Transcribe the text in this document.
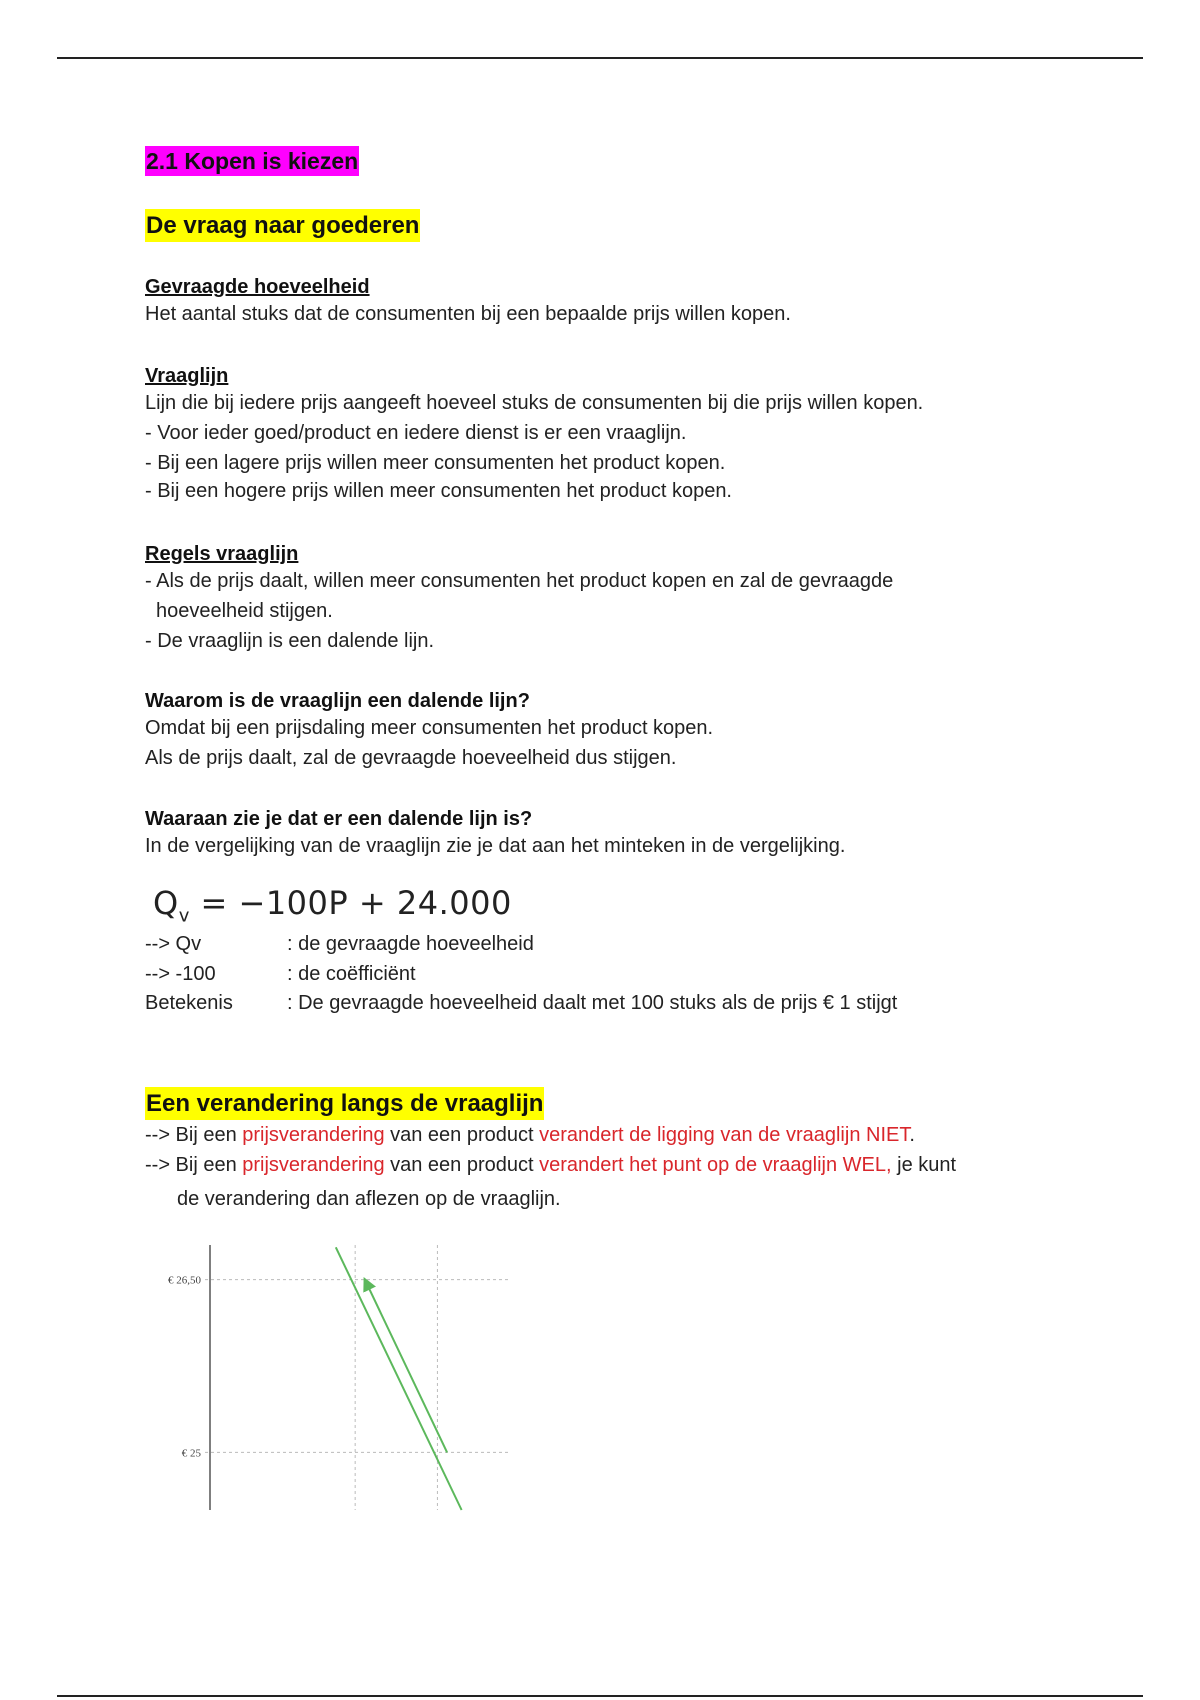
2.1 Kopen is kiezen
De vraag naar goederen
Gevraagde hoeveelheid
Het aantal stuks dat de consumenten bij een bepaalde prijs willen kopen.
Vraaglijn
Lijn die bij iedere prijs aangeeft hoeveel stuks de consumenten bij die prijs willen kopen.
- Voor ieder goed/product en iedere dienst is er een vraaglijn.
- Bij een lagere prijs willen meer consumenten het product kopen.
- Bij een hogere prijs willen meer consumenten het product kopen.
Regels vraaglijn
- Als de prijs daalt, willen meer consumenten het product kopen en zal de gevraagde
hoeveelheid stijgen.
- De vraaglijn is een dalende lijn.
Waarom is de vraaglijn een dalende lijn?
Omdat bij een prijsdaling meer consumenten het product kopen.
Als de prijs daalt, zal de gevraagde hoeveelheid dus stijgen.
Waaraan zie je dat er een dalende lijn is?
In de vergelijking van de vraaglijn zie je dat aan het minteken in de vergelijking.
$Q_v = -100P + 24.000$
--> Qv	: de gevraagde hoeveelheid
--> -100	: de coëfficiënt
Betekenis	: De gevraagde hoeveelheid daalt met 100 stuks als de prijs € 1 stijgt
Een verandering langs de vraaglijn
--> Bij een prijsverandering van een product verandert de ligging van de vraaglijn NIET.
--> Bij een prijsverandering van een product verandert het punt op de vraaglijn WEL, je kunt
de verandering dan aflezen op de vraaglijn.
€ 26,50
€ 25
